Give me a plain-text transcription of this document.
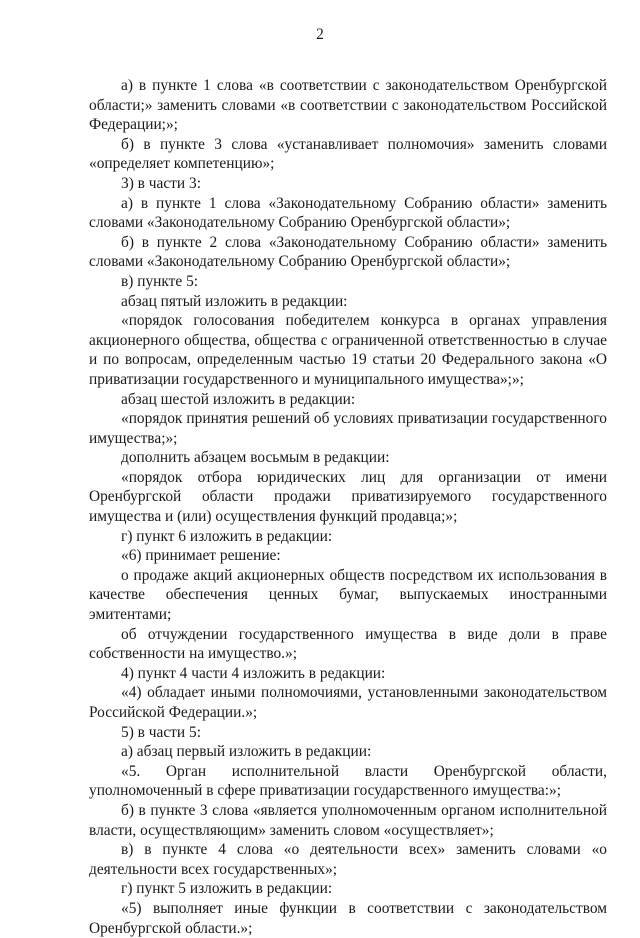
2

а) в пункте 1 слова «в соответствии с законодательством Оренбургской области;» заменить словами «в соответствии с законодательством Российской Федерации;»;

б) в пункте 3 слова «устанавливает полномочия» заменить словами «определяет компетенцию»;

3) в части 3:

а) в пункте 1 слова «Законодательному Собранию области» заменить словами «Законодательному Собранию Оренбургской области»;

б) в пункте 2 слова «Законодательному Собранию области» заменить словами «Законодательному Собранию Оренбургской области»;

в) пункте 5:

абзац пятый изложить в редакции:

«порядок голосования победителем конкурса в органах управления акционерного общества, общества с ограниченной ответственностью в случае и по вопросам, определенным частью 19 статьи 20 Федерального закона «О приватизации государственного и муниципального имущества»;»;

абзац шестой изложить в редакции:

«порядок принятия решений об условиях приватизации государственного имущества;»;

дополнить абзацем восьмым в редакции:

«порядок отбора юридических лиц для организации от имени Оренбургской области продажи приватизируемого государственного имущества и (или) осуществления функций продавца;»;

г) пункт 6 изложить в редакции:

«6) принимает решение:

о продаже акций акционерных обществ посредством их использования в качестве обеспечения ценных бумаг, выпускаемых иностранными эмитентами;

об отчуждении государственного имущества в виде доли в праве собственности на имущество.»;

4) пункт 4 части 4 изложить в редакции:

«4) обладает иными полномочиями, установленными законодательством Российской Федерации.»;

5) в части 5:

а) абзац первый изложить в редакции:

«5. Орган исполнительной власти Оренбургской области, уполномоченный в сфере приватизации государственного имущества:»;

б) в пункте 3 слова «является уполномоченным органом исполнительной власти, осуществляющим» заменить словом «осуществляет»;

в) в пункте 4 слова «о деятельности всех» заменить словами «о деятельности всех государственных»;

г) пункт 5 изложить в редакции:

«5) выполняет иные функции в соответствии с законодательством Оренбургской области.»;
